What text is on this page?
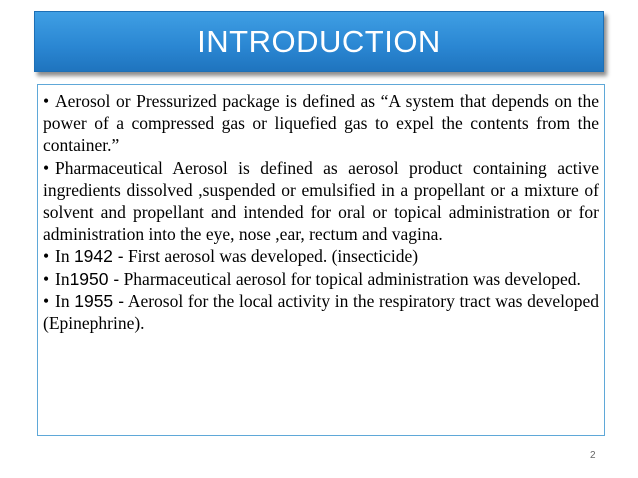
INTRODUCTION

• Aerosol or Pressurized package is defined as “A system that depends on the power of a compressed gas or liquefied gas to expel the contents from the container.”

• Pharmaceutical Aerosol is defined as aerosol product containing active ingredients dissolved ,suspended or emulsified in a propellant or a mixture of solvent and propellant and intended for oral or topical administration or for administration into the eye, nose ,ear, rectum and vagina.

• In 1942 - First aerosol was developed. (insecticide)

• In1950 - Pharmaceutical aerosol for topical administration was developed.

• In 1955 - Aerosol for the local activity in the respiratory tract was developed (Epinephrine).

2
